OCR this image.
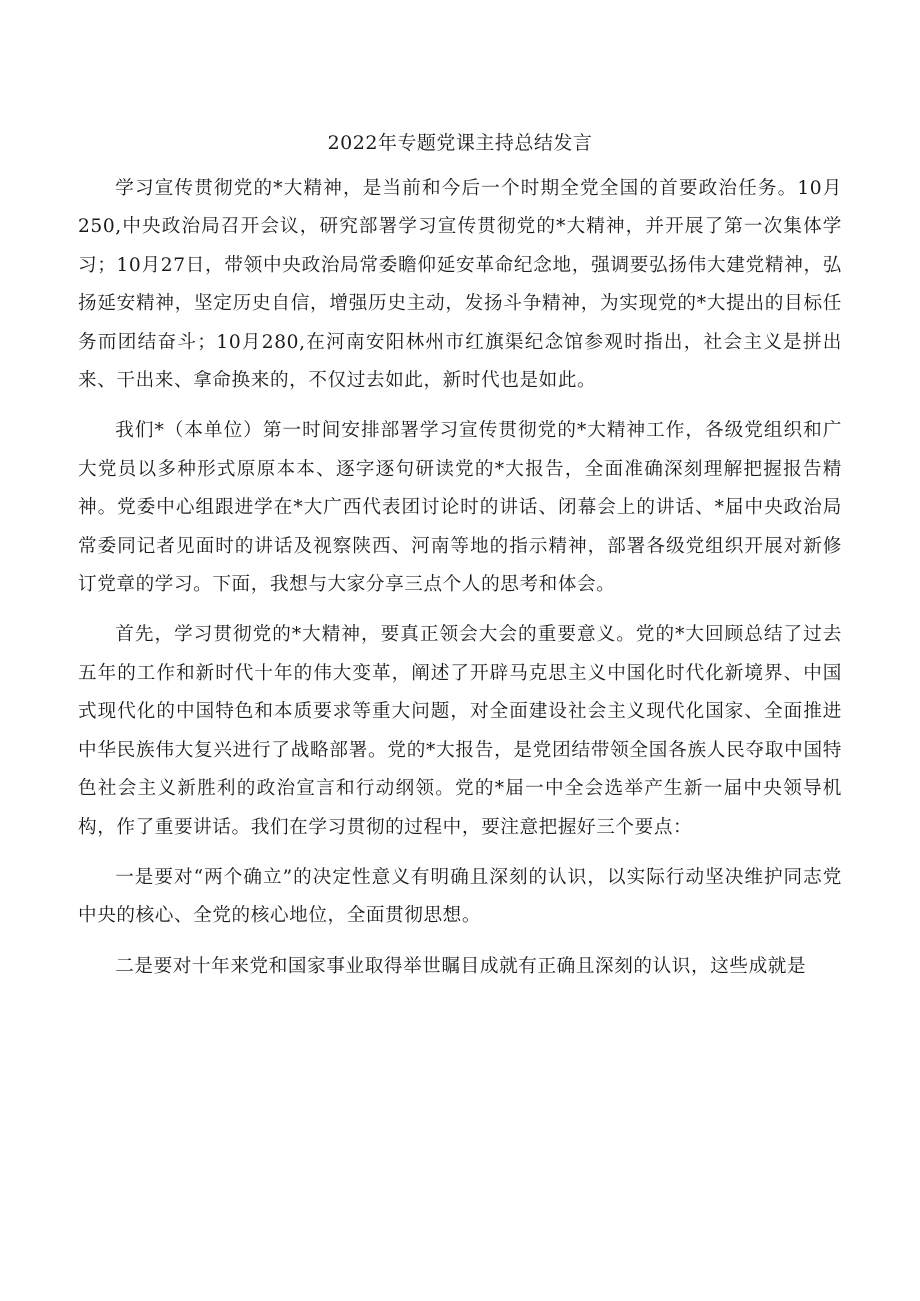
2022年专题党课主持总结发言

学习宣传贯彻党的*大精神，是当前和今后一个时期全党全国的首要政治任务。10月250,中央政治局召开会议，研究部署学习宣传贯彻党的*大精神，并开展了第一次集体学习；10月27日，带领中央政治局常委瞻仰延安革命纪念地，强调要弘扬伟大建党精神，弘扬延安精神，坚定历史自信，增强历史主动，发扬斗争精神，为实现党的*大提出的目标任务而团结奋斗；10月280,在河南安阳林州市红旗渠纪念馆参观时指出，社会主义是拼出来、干出来、拿命换来的，不仅过去如此，新时代也是如此。

我们*（本单位）第一时间安排部署学习宣传贯彻党的*大精神工作，各级党组织和广大党员以多种形式原原本本、逐字逐句研读党的*大报告，全面准确深刻理解把握报告精神。党委中心组跟进学在*大广西代表团讨论时的讲话、闭幕会上的讲话、*届中央政治局常委同记者见面时的讲话及视察陕西、河南等地的指示精神，部署各级党组织开展对新修订党章的学习。下面，我想与大家分享三点个人的思考和体会。

首先，学习贯彻党的*大精神，要真正领会大会的重要意义。党的*大回顾总结了过去五年的工作和新时代十年的伟大变革，阐述了开辟马克思主义中国化时代化新境界、中国式现代化的中国特色和本质要求等重大问题，对全面建设社会主义现代化国家、全面推进中华民族伟大复兴进行了战略部署。党的*大报告，是党团结带领全国各族人民夺取中国特色社会主义新胜利的政治宣言和行动纲领。党的*届一中全会选举产生新一届中央领导机构，作了重要讲话。我们在学习贯彻的过程中，要注意把握好三个要点：

一是要对“两个确立”的决定性意义有明确且深刻的认识，以实际行动坚决维护同志党中央的核心、全党的核心地位，全面贯彻思想。

二是要对十年来党和国家事业取得举世瞩目成就有正确且深刻的认识，这些成就是
